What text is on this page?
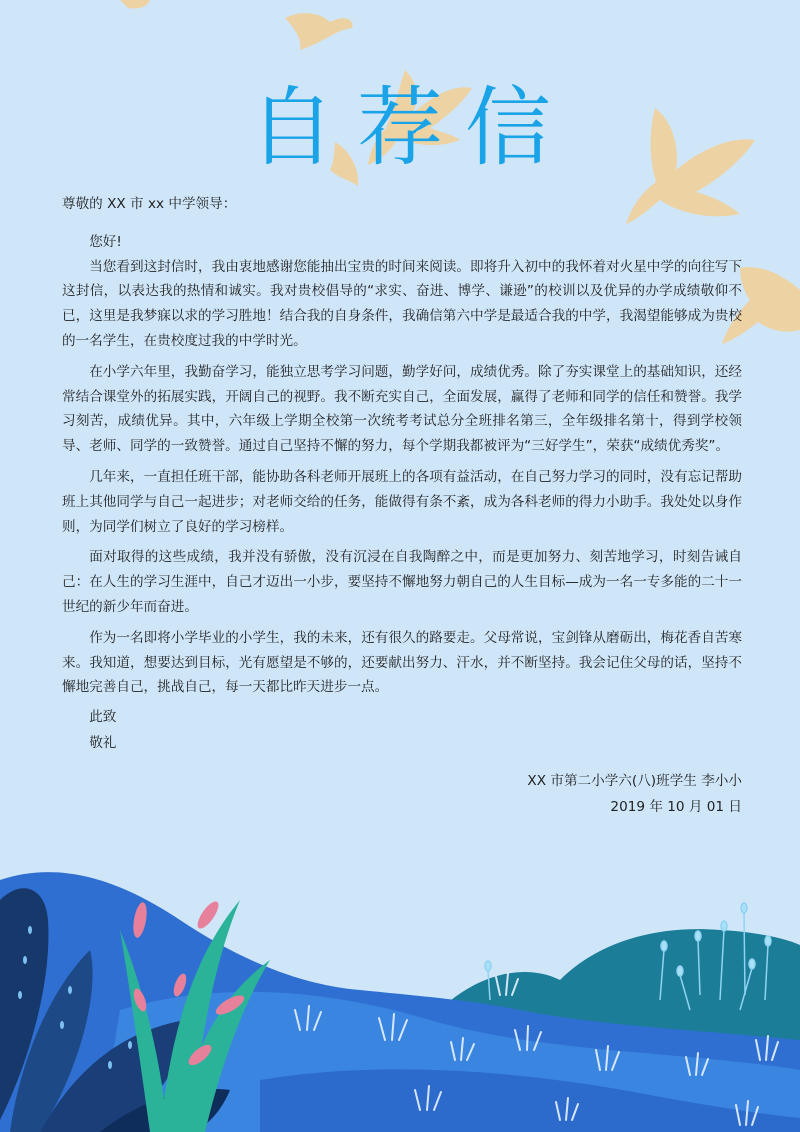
自荐信

尊敬的 XX 市 xx 中学领导：

您好!

当您看到这封信时，我由衷地感谢您能抽出宝贵的时间来阅读。即将升入初中的我怀着对火星中学的向往写下这封信，以表达我的热情和诚实。我对贵校倡导的“求实、奋进、博学、谦逊”的校训以及优异的办学成绩敬仰不已，这里是我梦寐以求的学习胜地！结合我的自身条件，我确信第六中学是最适合我的中学，我渴望能够成为贵校的一名学生，在贵校度过我的中学时光。

在小学六年里，我勤奋学习，能独立思考学习问题，勤学好问，成绩优秀。除了夯实课堂上的基础知识，还经常结合课堂外的拓展实践，开阔自己的视野。我不断充实自己，全面发展，赢得了老师和同学的信任和赞誉。我学习刻苦，成绩优异。其中，六年级上学期全校第一次统考考试总分全班排名第三，全年级排名第十，得到学校领导、老师、同学的一致赞誉。通过自己坚持不懈的努力，每个学期我都被评为“三好学生”，荣获“成绩优秀奖”。

几年来，一直担任班干部，能协助各科老师开展班上的各项有益活动，在自己努力学习的同时，没有忘记帮助班上其他同学与自己一起进步；对老师交给的任务，能做得有条不紊，成为各科老师的得力小助手。我处处以身作则，为同学们树立了良好的学习榜样。

面对取得的这些成绩，我并没有骄傲，没有沉浸在自我陶醉之中，而是更加努力、刻苦地学习，时刻告诫自己：在人生的学习生涯中，自己才迈出一小步，要坚持不懈地努力朝自己的人生目标—成为一名一专多能的二十一世纪的新少年而奋进。

作为一名即将小学毕业的小学生，我的未来，还有很久的路要走。父母常说，宝剑锋从磨砺出，梅花香自苦寒来。我知道，想要达到目标，光有愿望是不够的，还要献出努力、汗水，并不断坚持。我会记住父母的话，坚持不懈地完善自己，挑战自己，每一天都比昨天进步一点。

此致

敬礼

XX 市第二小学六(八)班学生 李小小
2019 年 10 月 01 日
